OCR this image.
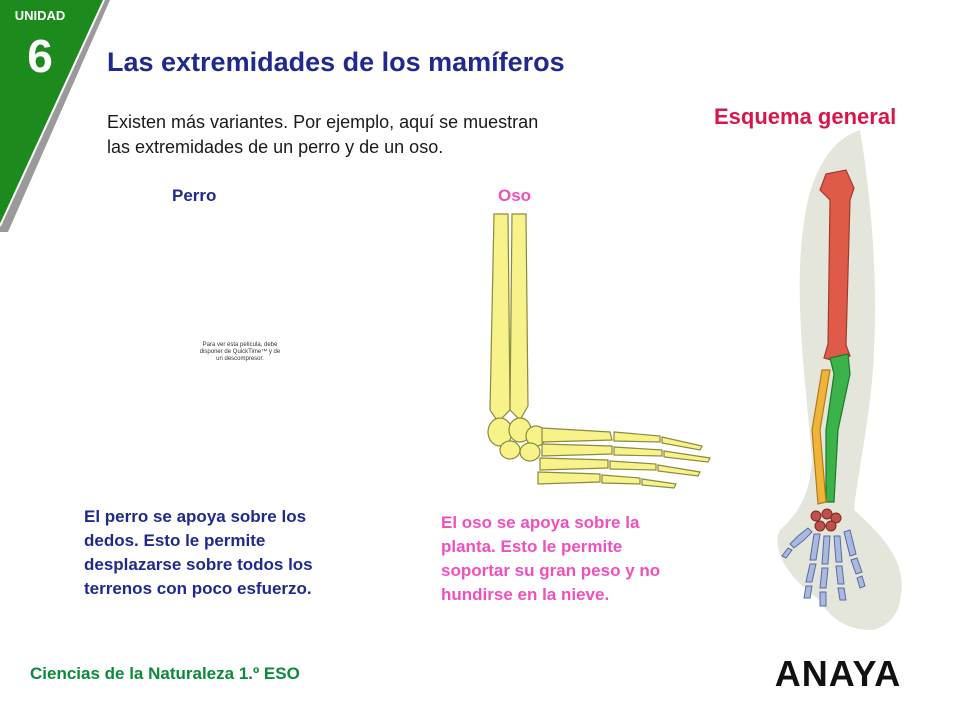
UNIDAD
6	Las extremidades de los mamíferos
Existen más variantes. Por ejemplo, aquí se muestran
las extremidades de un perro y de un oso.
Esquema general
Perro
Para ver esta película, debe
disponer de QuickTime™ y de
un descompresor.
El perro se apoya sobre los
dedos. Esto le permite
desplazarse sobre todos los
terrenos con poco esfuerzo.
Oso
El oso se apoya sobre la
planta. Esto le permite
soportar su gran peso y no
hundirse en la nieve.
Ciencias de la Naturaleza 1.º ESO	ANAYA
